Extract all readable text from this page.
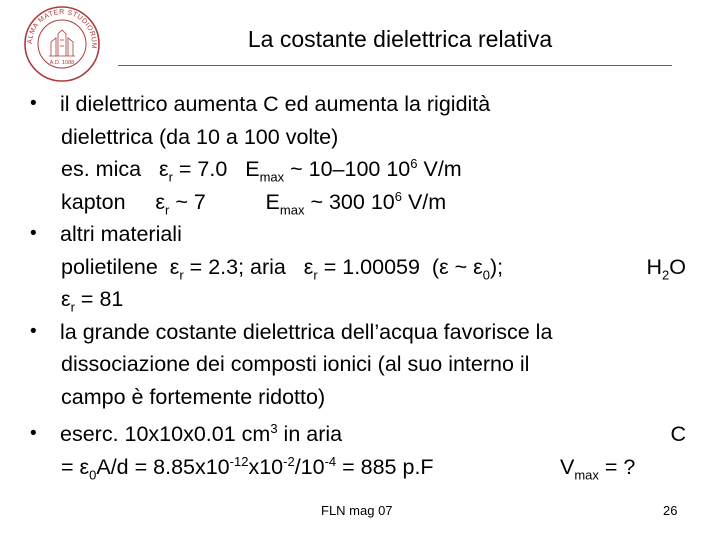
ALMA MATER STUDIORUM
A.D. 1088
La costante dielettrica relativa
• il dielettrico aumenta C ed aumenta la rigidità
dielettrica (da 10 a 100 volte)
es. mica   $\varepsilon_r = 7.0$   $E_{max}$ ~ 10–100 $10^6$ V/m
kapton     $\varepsilon_r$ ~ 7          $E_{max}$ ~ 300 $10^6$ V/m
• altri materiali
polietilene  $\varepsilon_r = 2.3$; aria   $\varepsilon_r = 1.00059$  (ε ~ $\varepsilon_0$);	$H_2O$
$\varepsilon_r = 81$
• la grande costante dielettrica dell’acqua favorisce la
dissociazione dei composti ionici (al suo interno il
campo è fortemente ridotto)
• eserc. 10x10x0.01 $cm^3$ in aria	C
= $\varepsilon_0A/d = 8.85x10^{-12}x10^{-2}/10^{-4} = 885$ p.F	$V_{max}$ = ?
FLN mag 07	26
